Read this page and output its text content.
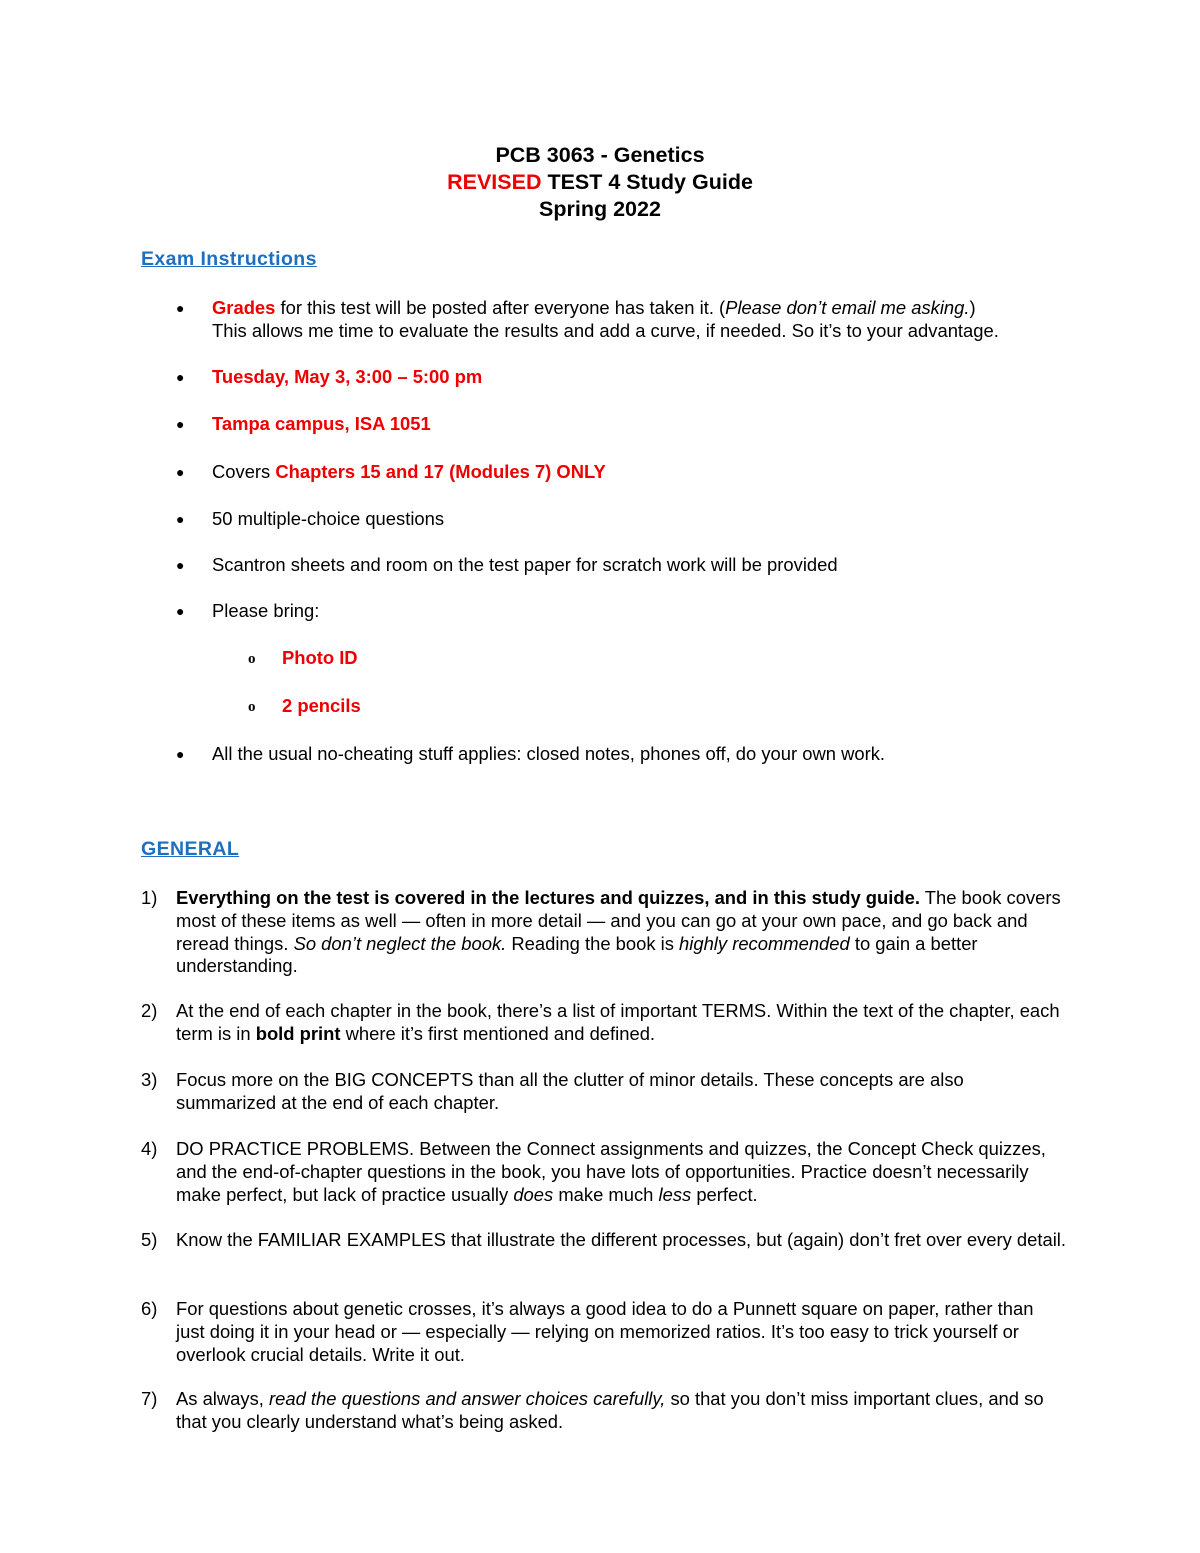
PCB 3063 - Genetics
REVISED TEST 4 Study Guide
Spring 2022
Exam Instructions
● Grades for this test will be posted after everyone has taken it. (Please don’t email me asking.)
This allows me time to evaluate the results and add a curve, if needed. So it’s to your advantage.
● Tuesday, May 3, 3:00 – 5:00 pm
● Tampa campus, ISA 1051
● Covers Chapters 15 and 17 (Modules 7) ONLY
● 50 multiple-choice questions
● Scantron sheets and room on the test paper for scratch work will be provided
● Please bring:
o Photo ID
o 2 pencils
● All the usual no-cheating stuff applies: closed notes, phones off, do your own work.
GENERAL
1) Everything on the test is covered in the lectures and quizzes, and in this study guide. The book covers most of these items as well — often in more detail — and you can go at your own pace, and go back and reread things. So don’t neglect the book. Reading the book is highly recommended to gain a better understanding.
2) At the end of each chapter in the book, there’s a list of important TERMS. Within the text of the chapter, each term is in bold print where it’s first mentioned and defined.
3) Focus more on the BIG CONCEPTS than all the clutter of minor details. These concepts are also summarized at the end of each chapter.
4) DO PRACTICE PROBLEMS. Between the Connect assignments and quizzes, the Concept Check quizzes, and the end-of-chapter questions in the book, you have lots of opportunities. Practice doesn’t necessarily make perfect, but lack of practice usually does make much less perfect.
5) Know the FAMILIAR EXAMPLES that illustrate the different processes, but (again) don’t fret over every detail.
6) For questions about genetic crosses, it’s always a good idea to do a Punnett square on paper, rather than just doing it in your head or — especially — relying on memorized ratios. It’s too easy to trick yourself or overlook crucial details. Write it out.
7) As always, read the questions and answer choices carefully, so that you don’t miss important clues, and so that you clearly understand what’s being asked.
